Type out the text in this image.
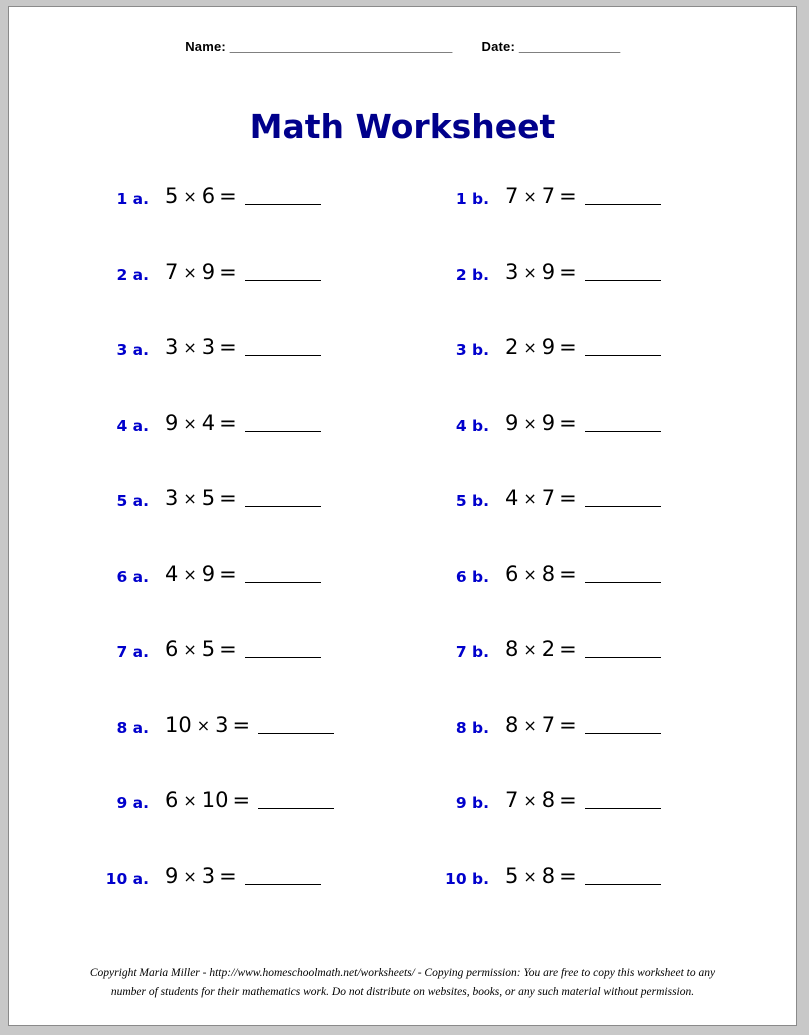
Name: _________________________________ Date: _______________
Math Worksheet
1 a. 5 × 6 =
2 a. 7 × 9 =
3 a. 3 × 3 =
4 a. 9 × 4 =
5 a. 3 × 5 =
6 a. 4 × 9 =
7 a. 6 × 5 =
8 a. 10 × 3 =
9 a. 6 × 10 =
10 a. 9 × 3 =
1 b. 7 × 7 =
2 b. 3 × 9 =
3 b. 2 × 9 =
4 b. 9 × 9 =
5 b. 4 × 7 =
6 b. 6 × 8 =
7 b. 8 × 2 =
8 b. 8 × 7 =
9 b. 7 × 8 =
10 b. 5 × 8 =
Copyright Maria Miller - http://www.homeschoolmath.net/worksheets/ - Copying permission: You are free to copy this worksheet to any
number of students for their mathematics work. Do not distribute on websites, books, or any such material without permission.
